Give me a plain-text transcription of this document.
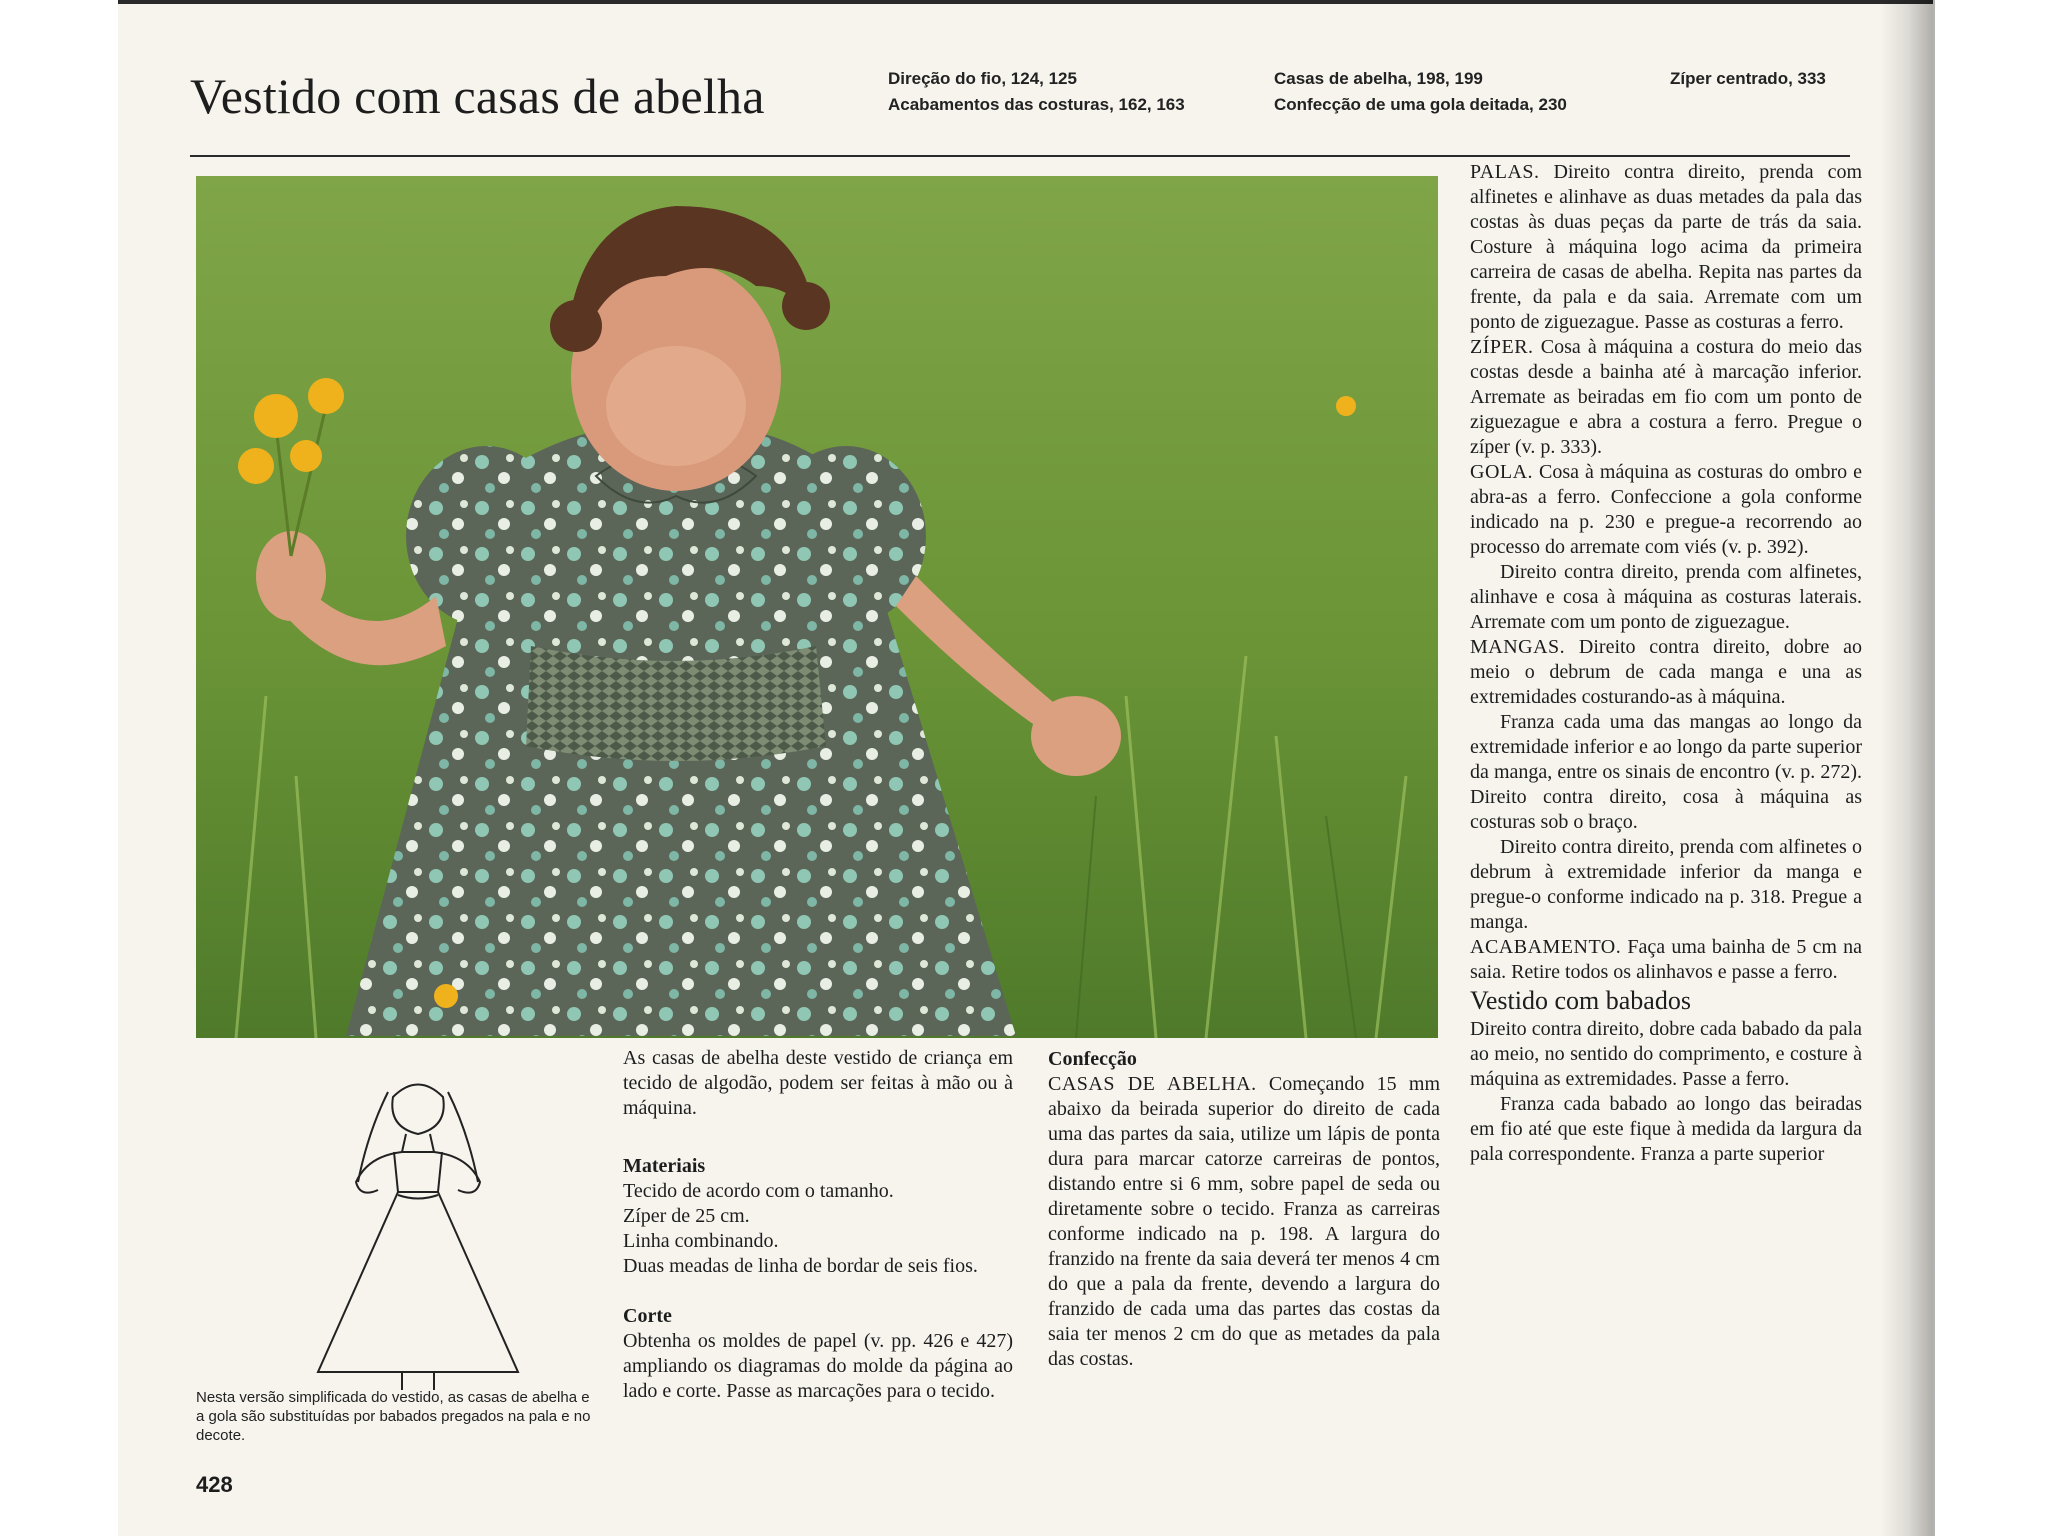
Vestido com casas de abelha	Direção do fio, 124, 125
Acabamentos das costuras, 162, 163
Casas de abelha, 198, 199
Confecção de uma gola deitada, 230
Zíper centrado, 333

As casas de abelha deste vestido de criança em tecido de algodão, podem ser feitas à mão ou à máquina.

Materiais

Tecido de acordo com o tamanho.
Zíper de 25 cm.
Linha combinando.
Duas meadas de linha de bordar de seis fios.

Corte

Obtenha os moldes de papel (v. pp. 426 e 427) ampliando os diagramas do molde da página ao lado e corte. Passe as marcações para o tecido.

Confecção

CASAS DE ABELHA. Começando 15 mm abaixo da beirada superior do direito de cada uma das partes da saia, utilize um lápis de ponta dura para marcar catorze carreiras de pontos, distando entre si 6 mm, sobre papel de seda ou diretamente sobre o tecido. Franza as carreiras conforme indicado na p. 198. A largura do franzido na frente da saia deverá ter menos 4 cm do que a pala da frente, devendo a largura do franzido de cada uma das partes das costas da saia ter menos 2 cm do que as metades da pala das costas.

PALAS. Direito contra direito, prenda com alfinetes e alinhave as duas metades da pala das costas às duas peças da parte de trás da saia. Costure à máquina logo acima da primeira carreira de casas de abelha. Repita nas partes da frente, da pala e da saia. Arremate com um ponto de ziguezague. Passe as costuras a ferro.

ZÍPER. Cosa à máquina a costura do meio das costas desde a bainha até à marcação inferior. Arremate as beiradas em fio com um ponto de ziguezague e abra a costura a ferro. Pregue o zíper (v. p. 333).

GOLA. Cosa à máquina as costuras do ombro e abra-as a ferro. Confeccione a gola conforme indicado na p. 230 e pregue-a recorrendo ao processo do arremate com viés (v. p. 392).

Direito contra direito, prenda com alfinetes, alinhave e cosa à máquina as costuras laterais. Arremate com um ponto de ziguezague.

MANGAS. Direito contra direito, dobre ao meio o debrum de cada manga e una as extremidades costurando-as à máquina.

Franza cada uma das mangas ao longo da extremidade inferior e ao longo da parte superior da manga, entre os sinais de encontro (v. p. 272). Direito contra direito, cosa à máquina as costuras sob o braço.

Direito contra direito, prenda com alfinetes o debrum à extremidade inferior da manga e pregue-o conforme indicado na p. 318. Pregue a manga.

ACABAMENTO. Faça uma bainha de 5 cm na saia. Retire todos os alinhavos e passe a ferro.

Vestido com babados

Direito contra direito, dobre cada babado da pala ao meio, no sentido do comprimento, e costure à máquina as extremidades. Passe a ferro.

Franza cada babado ao longo das beiradas em fio até que este fique à medida da largura da pala correspondente. Franza a parte superior

Nesta versão simplificada do vestido, as casas de abelha e a gola são substituídas por babados pregados na pala e no decote.
428
